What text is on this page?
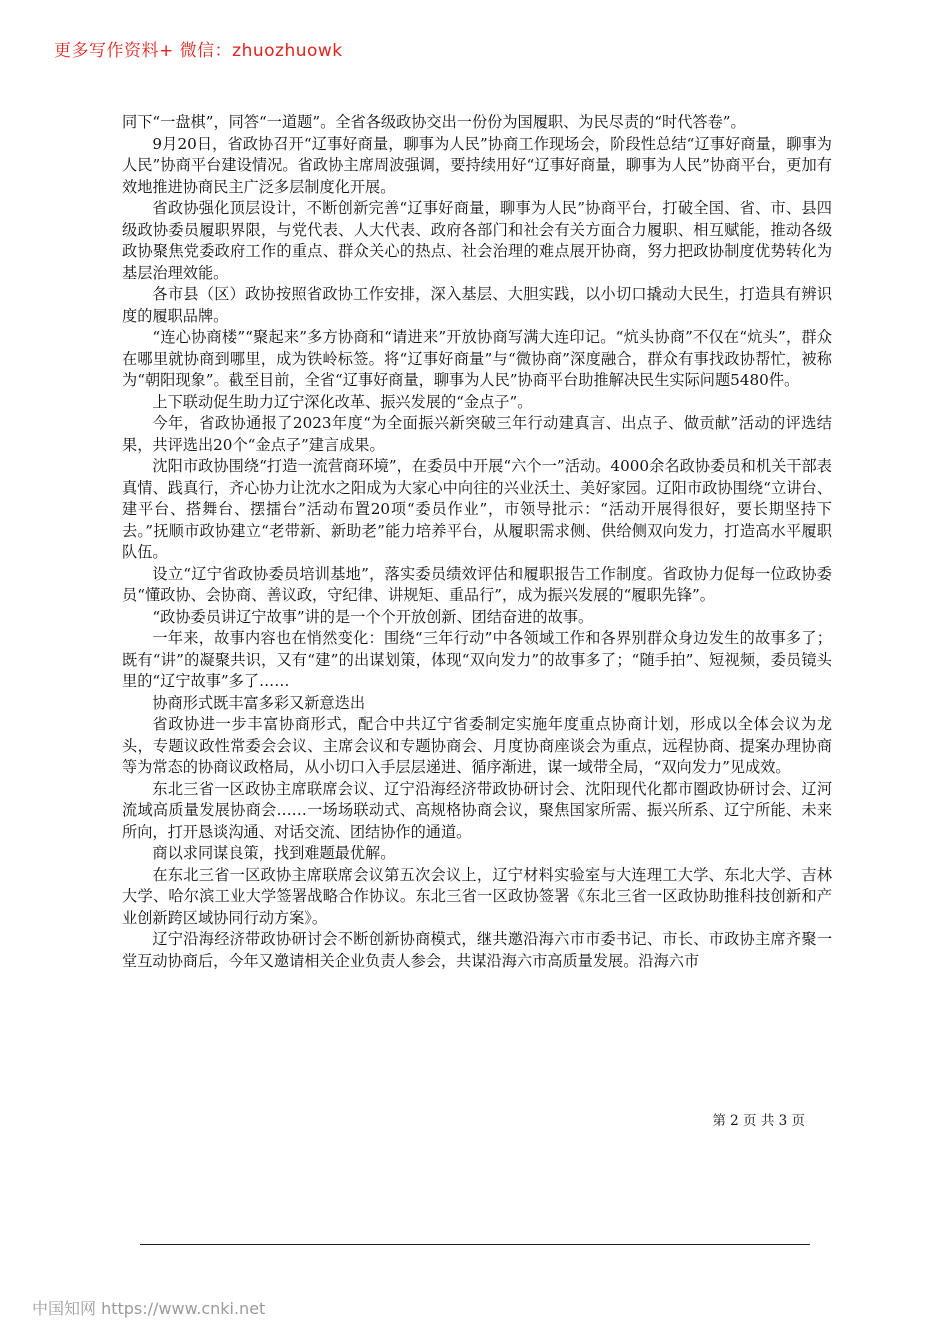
更多写作资料+ 微信：zhuozhuowk

同下“一盘棋”，同答“一道题”。全省各级政协交出一份份为国履职、为民尽责的“时代答卷”。

9月20日，省政协召开“辽事好商量，聊事为人民”协商工作现场会，阶段性总结“辽事好商量，聊事为人民”协商平台建设情况。省政协主席周波强调，要持续用好“辽事好商量，聊事为人民”协商平台，更加有效地推进协商民主广泛多层制度化开展。

省政协强化顶层设计，不断创新完善“辽事好商量，聊事为人民”协商平台，打破全国、省、市、县四级政协委员履职界限，与党代表、人大代表、政府各部门和社会有关方面合力履职、相互赋能，推动各级政协聚焦党委政府工作的重点、群众关心的热点、社会治理的难点展开协商，努力把政协制度优势转化为基层治理效能。

各市县（区）政协按照省政协工作安排，深入基层、大胆实践，以小切口撬动大民生，打造具有辨识度的履职品牌。

“连心协商楼”“聚起来”多方协商和“请进来”开放协商写满大连印记。“炕头协商”不仅在“炕头”，群众在哪里就协商到哪里，成为铁岭标签。将“辽事好商量”与“微协商”深度融合，群众有事找政协帮忙，被称为“朝阳现象”。截至目前，全省“辽事好商量，聊事为人民”协商平台助推解决民生实际问题5480件。

上下联动促生助力辽宁深化改革、振兴发展的“金点子”。

今年，省政协通报了2023年度“为全面振兴新突破三年行动建真言、出点子、做贡献”活动的评选结果，共评选出20个“金点子”建言成果。

沈阳市政协围绕“打造一流营商环境”，在委员中开展“六个一”活动。4000余名政协委员和机关干部表真情、践真行，齐心协力让沈水之阳成为大家心中向往的兴业沃土、美好家园。辽阳市政协围绕“立讲台、建平台、搭舞台、摆擂台”活动布置20项“委员作业”，市领导批示：“活动开展得很好，要长期坚持下去。”抚顺市政协建立“老带新、新助老”能力培养平台，从履职需求侧、供给侧双向发力，打造高水平履职队伍。

设立“辽宁省政协委员培训基地”，落实委员绩效评估和履职报告工作制度。省政协力促每一位政协委员“懂政协、会协商、善议政，守纪律、讲规矩、重品行”，成为振兴发展的“履职先锋”。

“政协委员讲辽宁故事”讲的是一个个开放创新、团结奋进的故事。

一年来，故事内容也在悄然变化：围绕“三年行动”中各领域工作和各界别群众身边发生的故事多了；既有“讲”的凝聚共识，又有“建”的出谋划策，体现“双向发力”的故事多了；“随手拍”、短视频，委员镜头里的“辽宁故事”多了……

协商形式既丰富多彩又新意迭出

省政协进一步丰富协商形式，配合中共辽宁省委制定实施年度重点协商计划，形成以全体会议为龙头，专题议政性常委会会议、主席会议和专题协商会、月度协商座谈会为重点，远程协商、提案办理协商等为常态的协商议政格局，从小切口入手层层递进、循序渐进，谋一域带全局，“双向发力”见成效。

东北三省一区政协主席联席会议、辽宁沿海经济带政协研讨会、沈阳现代化都市圈政协研讨会、辽河流域高质量发展协商会……一场场联动式、高规格协商会议，聚焦国家所需、振兴所系、辽宁所能、未来所向，打开恳谈沟通、对话交流、团结协作的通道。

商以求同谋良策，找到难题最优解。

在东北三省一区政协主席联席会议第五次会议上，辽宁材料实验室与大连理工大学、东北大学、吉林大学、哈尔滨工业大学签署战略合作协议。东北三省一区政协签署《东北三省一区政协助推科技创新和产业创新跨区域协同行动方案》。

辽宁沿海经济带政协研讨会不断创新协商模式，继共邀沿海六市市委书记、市长、市政协主席齐聚一堂互动协商后，今年又邀请相关企业负责人参会，共谋沿海六市高质量发展。沿海六市

第 2 页 共 3 页
中国知网 https://www.cnki.net
